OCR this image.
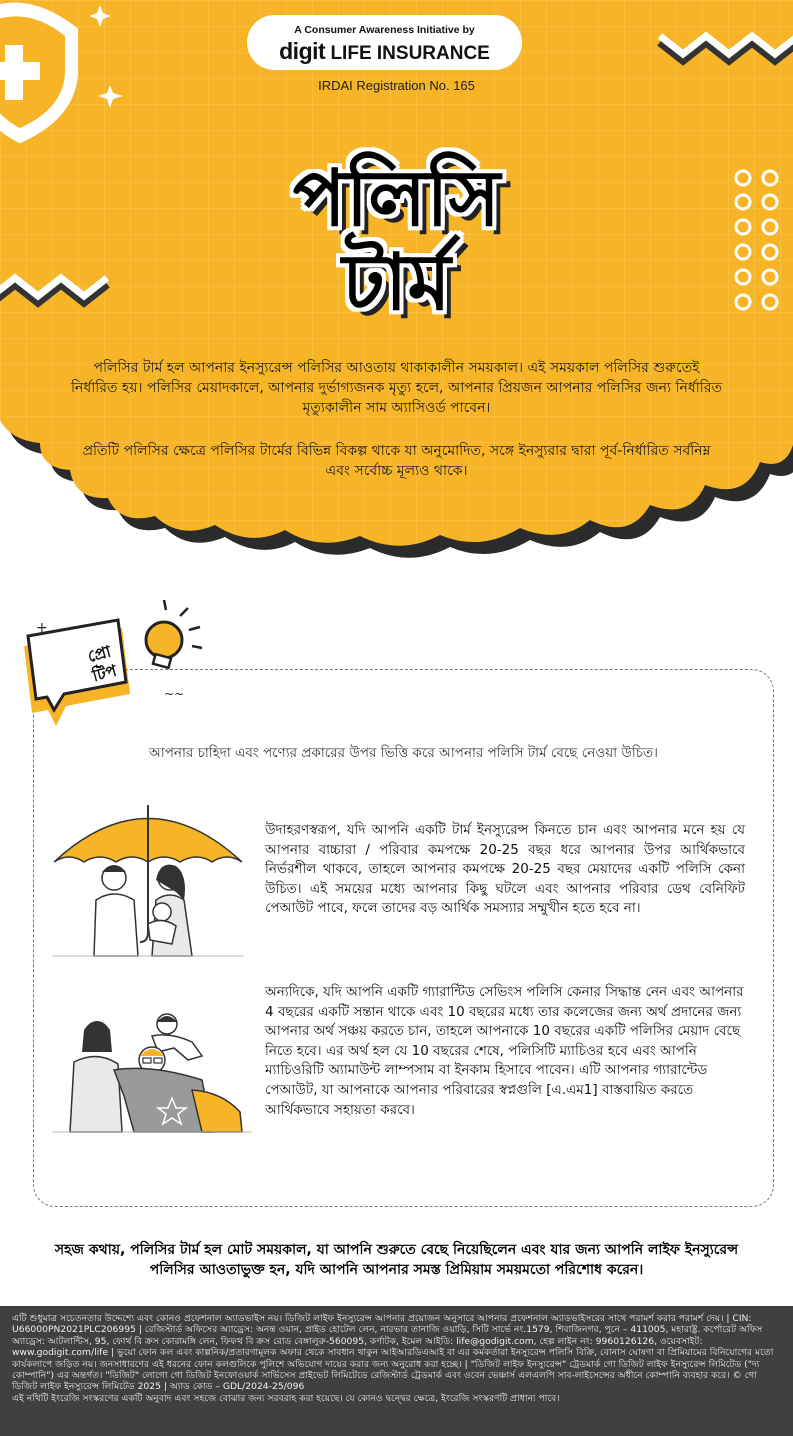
A Consumer Awareness Initiative by
digit LIFE INSURANCE
IRDAI Registration No. 165
পলিসি
টার্ম

পলিসির টার্ম হল আপনার ইনস্যুরেন্স পলিসির আওতায় থাকাকালীন সময়কাল। এই সময়কাল পলিসির শুরুতেই নির্ধারিত হয়। পলিসির মেয়াদকালে, আপনার দুর্ভাগ্যজনক মৃত্যু হলে, আপনার প্রিয়জন আপনার পলিসির জন্য নির্ধারিত মৃত্যুকালীন সাম অ্যাসিওর্ড পাবেন।

প্রতিটি পলিসির ক্ষেত্রে পলিসির টার্মের বিভিন্ন বিকল্প থাকে যা অনুমোদিত, সঙ্গে ইনস্যুরার দ্বারা পূর্ব-নির্ধারিত সর্বনিম্ন এবং সর্বোচ্চ মূল্যও থাকে।

+
~~
প্রো
টিপ
আপনার চাহিদা এবং পণ্যের প্রকারের উপর ভিত্তি করে আপনার পলিসি টার্ম বেছে নেওয়া উচিত।

উদাহরণস্বরূপ, যদি আপনি একটি টার্ম ইনস্যুরেন্স কিনতে চান এবং আপনার মনে হয় যে আপনার বাচ্চারা / পরিবার কমপক্ষে 20-25 বছর ধরে আপনার উপর আর্থিকভাবে নির্ভরশীল থাকবে, তাহলে আপনার কমপক্ষে 20-25 বছর মেয়াদের একটি পলিসি কেনা উচিত। এই সময়ের মধ্যে আপনার কিছু ঘটলে এবং আপনার পরিবার ডেথ বেনিফিট পেআউট পাবে, ফলে তাদের বড় আর্থিক সমস্যার সম্মুখীন হতে হবে না।

অন্যদিকে, যদি আপনি একটি গ্যারান্টিড সেভিংস পলিসি কেনার সিদ্ধান্ত নেন এবং আপনার 4 বছরের একটি সন্তান থাকে এবং 10 বছরের মধ্যে তার কলেজের জন্য অর্থ প্রদানের জন্য আপনার অর্থ সঞ্চয় করতে চান, তাহলে আপনাকে 10 বছরের একটি পলিসির মেয়াদ বেছে নিতে হবে। এর অর্থ হল যে 10 বছরের শেষে, পলিসিটি ম্যাচিওর হবে এবং আপনি ম্যাচিওরিটি অ্যামাউন্ট লাম্পসাম বা ইনকাম হিসাবে পাবেন। এটি আপনার গ্যারান্টেড পেআউট, যা আপনাকে আপনার পরিবারের স্বপ্নগুলি [এ.এম1] বাস্তবায়িত করতে আর্থিকভাবে সহায়তা করবে।

সহজ কথায়, পলিসির টার্ম হল মোট সময়কাল, যা আপনি শুরুতে বেছে নিয়েছিলেন এবং যার জন্য আপনি লাইফ ইনস্যুরেন্স পলিসির আওতাভুক্ত হন, যদি আপনি আপনার সমস্ত প্রিমিয়াম সময়মতো পরিশোধ করেন।

এটি শুধুমাত্র সচেতনতার উদ্দেশ্যে এবং কোনও প্রফেশনাল অ্যাডভাইস নয়। ডিজিট লাইফ ইনস্যুরেন্স আপনার প্রয়োজন অনুসারে আপনার প্রফেশনাল অ্যাডভাইসরের সাথে পরামর্শ করার পরামর্শ দেয়। | CIN: U66000PN2021PLC206995 | রেজিস্টার্ড অফিসের অ্যাড্রেস: অনন্ত ওয়ান, প্রাইড হোটেল লেন, নারভার তানাজি ওয়াড়ি, সিটি সার্ভে নং.1579, শিবাজিনগর, পুনে – 411005, মহারাষ্ট্র. কর্পোরেট অফিস অ্যাড্রেস: আটলান্টিস, 95, ফোর্থ বি ক্রস কোরামঙ্গি লেন, ফিফথ বি ক্রস রোড বেঙ্গালুরু-560095, কর্ণাটক, ইমেল আইডি: life@godigit.com, হেল্প লাইন নং: 9960126126, ওয়েবসাইট: www.godigit.com/life | ভুয়ো ফোন কল এবং কাল্পনিক/প্রতারণামূলক অফার থেকে সাবধান থাকুন আইআরডিএআই বা এর কর্মকর্তারা ইনস্যুরেন্স পলিসি বিক্রি, বোনাস ঘোষণা বা প্রিমিয়ামের বিনিয়োগের মতো কার্যকলাপে জড়িত নয়। জনসাধারণের এই ধরনের ফোন কলগুলিকে পুলিশে অভিযোগ দায়ের করার জন্য অনুরোধ করা হচ্ছে। | "ডিজিট লাইফ ইনস্যুরেন্স" ট্রেডমার্ক গো ডিজিট লাইফ ইনস্যুরেন্স লিমিটেড ("দ্য কোম্পানি") এর অন্তর্গত। "ডিজিট" লোগো গো ডিজিট ইনফোওয়ার্ক সার্ভিসেস প্রাইভেট লিমিটেডে রেজিস্টার্ড ট্রেডমার্ক এবং ওবেন ভেঞ্চার্স এলএলপি সাব-লাইসেন্সের অধীনে কোম্পানি ব্যবহার করে। © গো ডিজিট লাইফ ইনস্যুরেন্স লিমিটেড 2025 | অ্যাড কোড – GDL/2024-25/096

এই নথিটি ইংরেজি সংস্করণের একটি অনুবাদ এবং সহজে বোঝার জন্য সরবরাহ করা হয়েছে। যে কোনও দ্বন্দ্বের ক্ষেত্রে, ইংরেজি সংস্করণটি প্রাধান্য পাবে।
